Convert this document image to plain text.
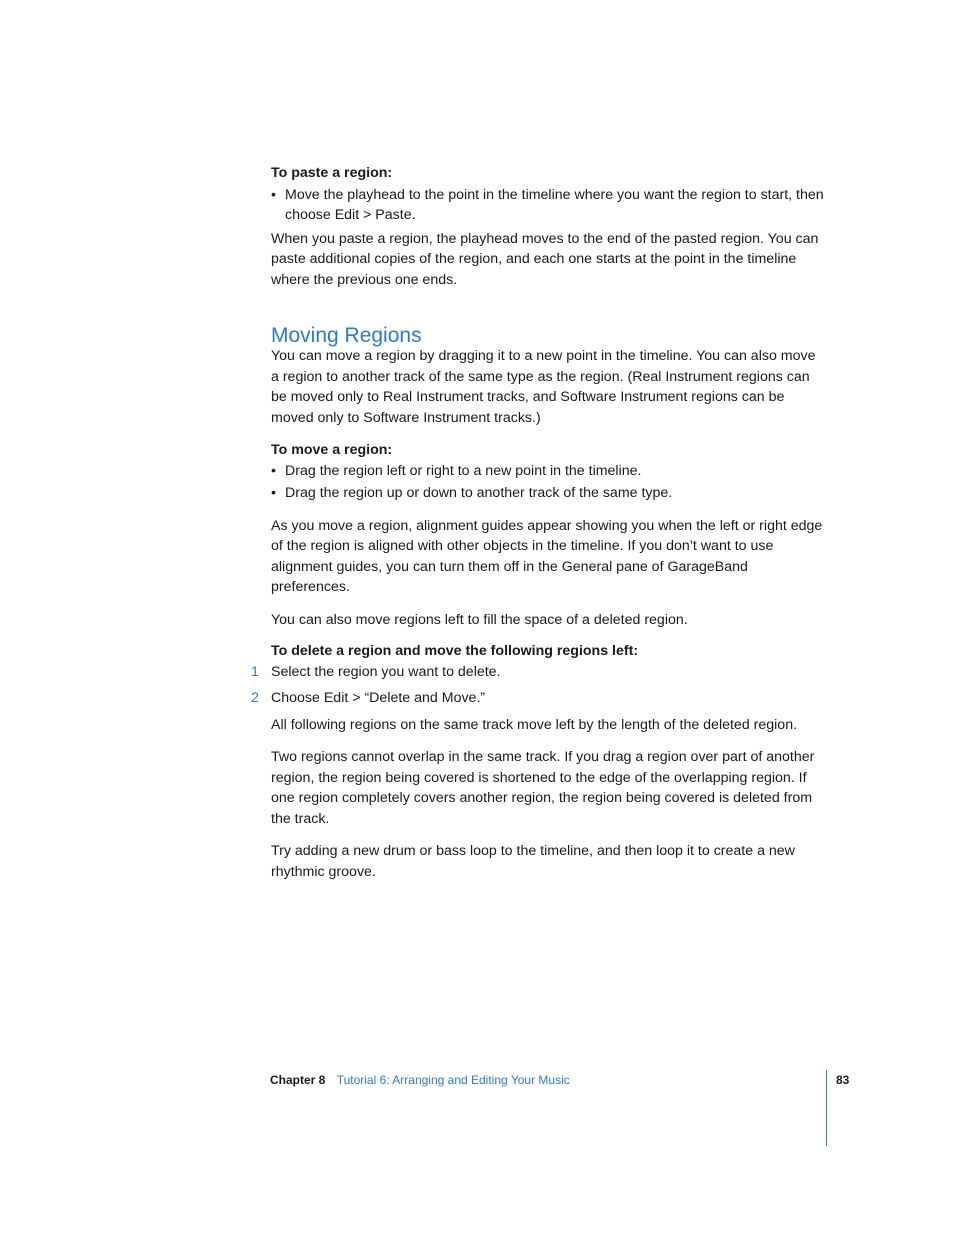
To paste a region:

• Move the playhead to the point in the timeline where you want the region to start, then choose Edit > Paste.

When you paste a region, the playhead moves to the end of the pasted region. You can paste additional copies of the region, and each one starts at the point in the timeline where the previous one ends.

Moving Regions

You can move a region by dragging it to a new point in the timeline. You can also move a region to another track of the same type as the region. (Real Instrument regions can be moved only to Real Instrument tracks, and Software Instrument regions can be moved only to Software Instrument tracks.)

To move a region:

• Drag the region left or right to a new point in the timeline.
• Drag the region up or down to another track of the same type.

As you move a region, alignment guides appear showing you when the left or right edge of the region is aligned with other objects in the timeline. If you don’t want to use alignment guides, you can turn them off in the General pane of GarageBand preferences.

You can also move regions left to fill the space of a deleted region.

To delete a region and move the following regions left:

1 Select the region you want to delete.
2 Choose Edit > “Delete and Move.”

All following regions on the same track move left by the length of the deleted region.

Two regions cannot overlap in the same track. If you drag a region over part of another region, the region being covered is shortened to the edge of the overlapping region. If one region completely covers another region, the region being covered is deleted from the track.

Try adding a new drum or bass loop to the timeline, and then loop it to create a new rhythmic groove.

Chapter 8 Tutorial 6: Arranging and Editing Your Music	83
